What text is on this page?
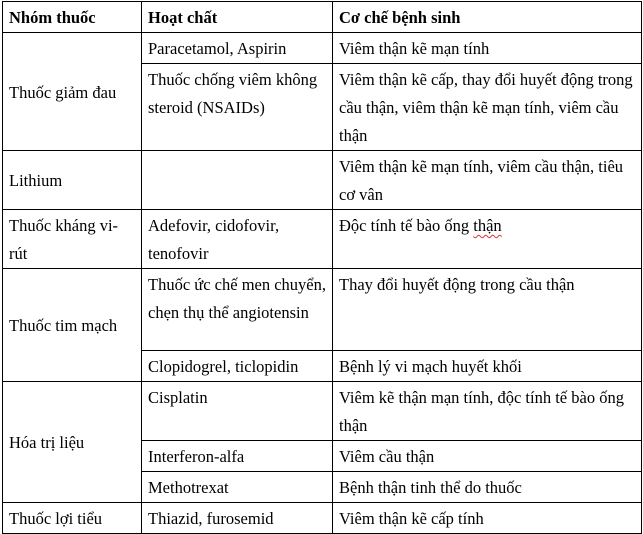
Nhóm thuốc	Hoạt chất	Cơ chế bệnh sinh
Thuốc giảm đau	Paracetamol, Aspirin	Viêm thận kẽ mạn tính
	Thuốc chống viêm không steroid (NSAIDs)	Viêm thận kẽ cấp, thay đổi huyết động trong cầu thận, viêm thận kẽ mạn tính, viêm cầu thận
Lithium		Viêm thận kẽ mạn tính, viêm cầu thận, tiêu cơ vân
Thuốc kháng vi-rút	Adefovir, cidofovir, tenofovir	Độc tính tế bào ống thận
Thuốc tim mạch	Thuốc ức chế men chuyển, chẹn thụ thể angiotensin	Thay đổi huyết động trong cầu thận
	Clopidogrel, ticlopidin	Bệnh lý vi mạch huyết khối
Hóa trị liệu	Cisplatin	Viêm kẽ thận mạn tính, độc tính tế bào ống thận
	Interferon-alfa	Viêm cầu thận
	Methotrexat	Bệnh thận tinh thể do thuốc
Thuốc lợi tiểu	Thiazid, furosemid	Viêm thận kẽ cấp tính
